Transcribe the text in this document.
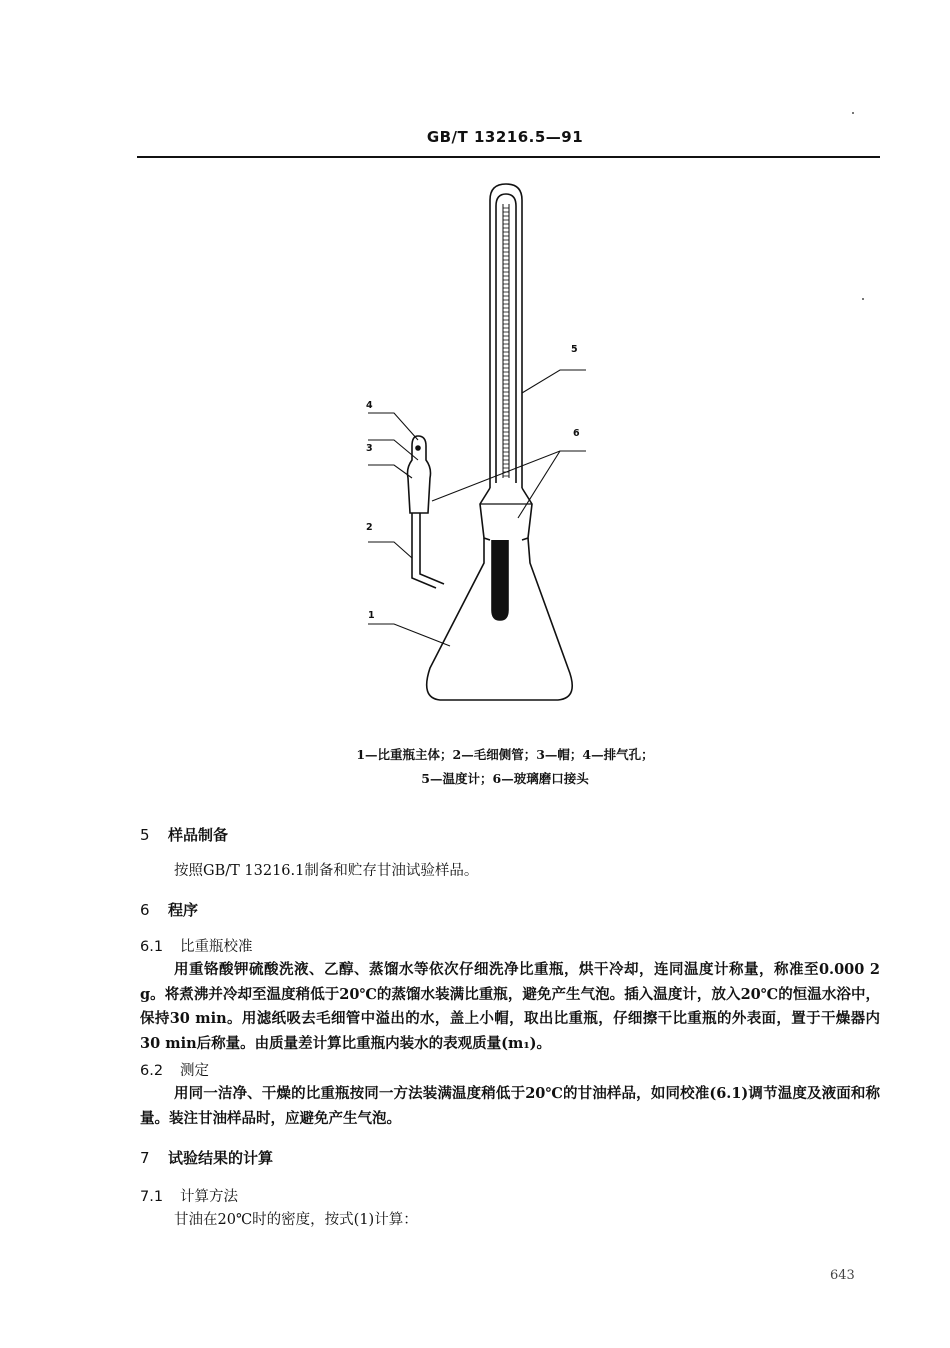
GB/T 13216.5—91
4
3
2
1
5
6
1—比重瓶主体；2—毛细侧管；3—帽；4—排气孔；
5—温度计；6—玻璃磨口接头
5 样品制备
按照GB/T 13216.1制备和贮存甘油试验样品。
6 程序
6.1 比重瓶校准
用重铬酸钾硫酸洗液、乙醇、蒸馏水等依次仔细洗净比重瓶，烘干冷却，连同温度计称量，称准至0.000 2 g。将煮沸并冷却至温度稍低于20℃的蒸馏水装满比重瓶，避免产生气泡。插入温度计，放入20℃的恒温水浴中，保持30 min。用滤纸吸去毛细管中溢出的水，盖上小帽，取出比重瓶，仔细擦干比重瓶的外表面，置于干燥器内30 min后称量。由质量差计算比重瓶内装水的表观质量(m₁)。
6.2 测定
用同一洁净、干燥的比重瓶按同一方法装满温度稍低于20℃的甘油样品，如同校准(6.1)调节温度及液面和称量。装注甘油样品时，应避免产生气泡。
7 试验结果的计算
7.1 计算方法
甘油在20℃时的密度，按式(1)计算：
643
